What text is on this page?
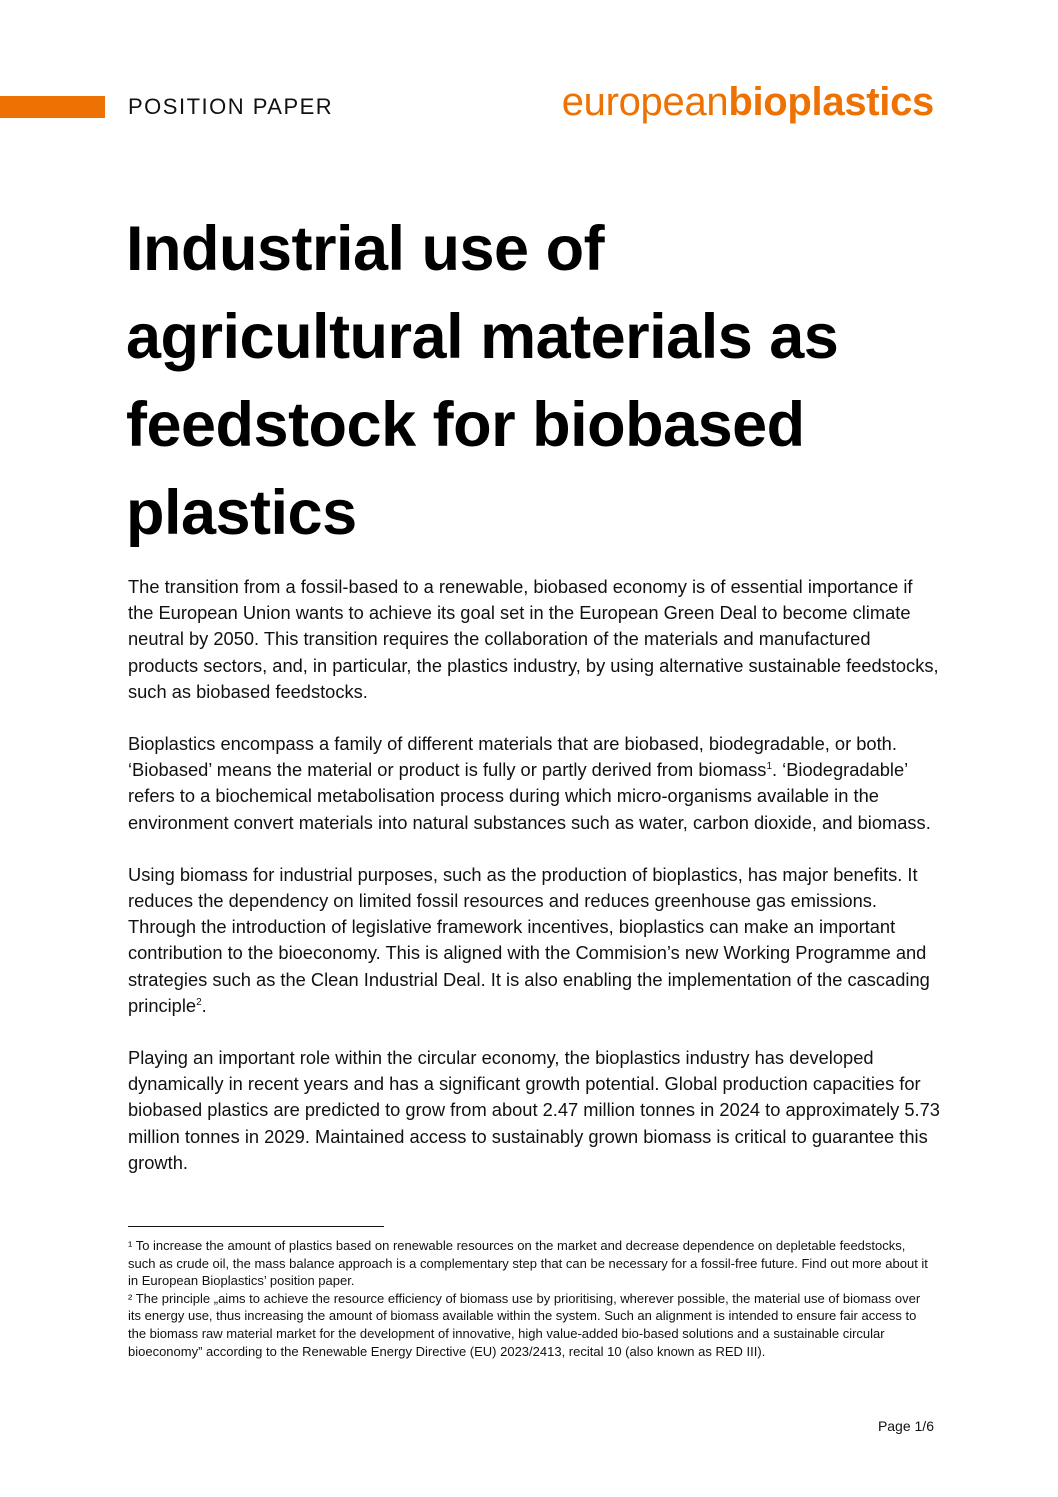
POSITION PAPER	europeanbioplastics
Industrial use of agricultural materials as feedstock for biobased plastics

The transition from a fossil-based to a renewable, biobased economy is of essential importance if the European Union wants to achieve its goal set in the European Green Deal to become climate neutral by 2050. This transition requires the collaboration of the materials and manufactured products sectors, and, in particular, the plastics industry, by using alternative sustainable feedstocks, such as biobased feedstocks.

Bioplastics encompass a family of different materials that are biobased, biodegradable, or both. ‘Biobased’ means the material or product is fully or partly derived from biomass$^1$. ‘Biodegradable’ refers to a biochemical metabolisation process during which micro-organisms available in the environment convert materials into natural substances such as water, carbon dioxide, and biomass.

Using biomass for industrial purposes, such as the production of bioplastics, has major benefits. It reduces the dependency on limited fossil resources and reduces greenhouse gas emissions. Through the introduction of legislative framework incentives, bioplastics can make an important contribution to the bioeconomy. This is aligned with the Commision’s new Working Programme and strategies such as the Clean Industrial Deal. It is also enabling the implementation of the cascading principle$^2$.

Playing an important role within the circular economy, the bioplastics industry has developed dynamically in recent years and has a significant growth potential. Global production capacities for biobased plastics are predicted to grow from about 2.47 million tonnes in 2024 to approximately 5.73 million tonnes in 2029. Maintained access to sustainably grown biomass is critical to guarantee this growth.

¹ To increase the amount of plastics based on renewable resources on the market and decrease dependence on depletable feedstocks, such as crude oil, the mass balance approach is a complementary step that can be necessary for a fossil-free future. Find out more about it in European Bioplastics’ position paper.

² The principle „aims to achieve the resource efficiency of biomass use by prioritising, wherever possible, the material use of biomass over its energy use, thus increasing the amount of biomass available within the system. Such an alignment is intended to ensure fair access to the biomass raw material market for the development of innovative, high value-added bio-based solutions and a sustainable circular bioeconomy” according to the Renewable Energy Directive (EU) 2023/2413, recital 10 (also known as RED III).

Page 1/6
